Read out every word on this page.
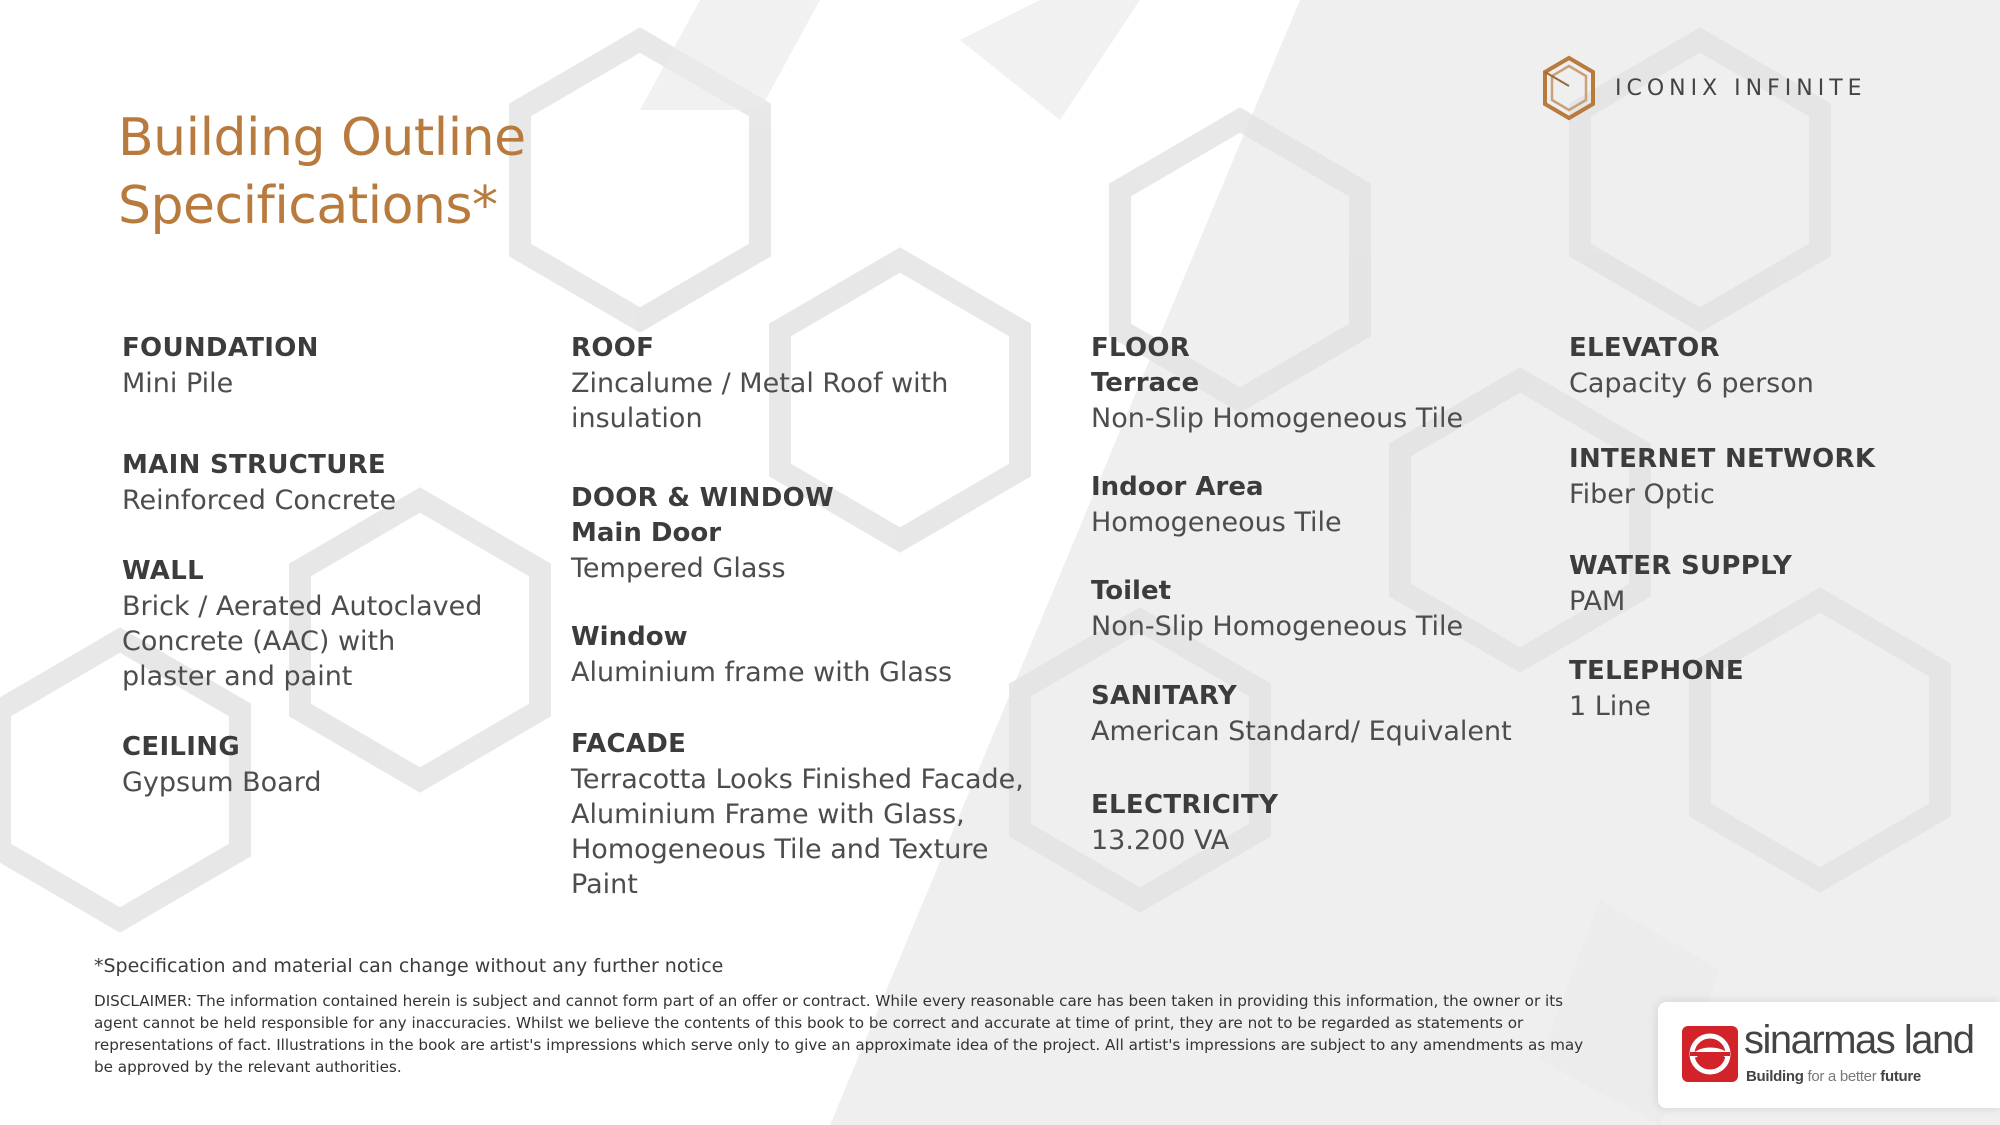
ICONIX INFINITE
Building Outline
Specifications*
FOUNDATION
Mini Pile
MAIN STRUCTURE
Reinforced Concrete
WALL
Brick / Aerated Autoclaved
Concrete (AAC) with
plaster and paint
CEILING
Gypsum Board
ROOF
Zincalume / Metal Roof with
insulation
DOOR & WINDOW
Main Door
Tempered Glass
Window
Aluminium frame with Glass
FACADE
Terracotta Looks Finished Facade,
Aluminium Frame with Glass,
Homogeneous Tile and Texture
Paint
FLOOR
Terrace
Non-Slip Homogeneous Tile
Indoor Area
Homogeneous Tile
Toilet
Non-Slip Homogeneous Tile
SANITARY
American Standard/ Equivalent
ELECTRICITY
13.200 VA
ELEVATOR
Capacity 6 person
INTERNET NETWORK
Fiber Optic
WATER SUPPLY
PAM
TELEPHONE
1 Line
*Specification and material can change without any further notice
DISCLAIMER: The information contained herein is subject and cannot form part of an offer or contract. While every reasonable care has been taken in providing this information, the owner or its agent cannot be held responsible for any inaccuracies. Whilst we believe the contents of this book to be correct and accurate at time of print, they are not to be regarded as statements or representations of fact. Illustrations in the book are artist's impressions which serve only to give an approximate idea of the project. All artist's impressions are subject to any amendments as may be approved by the relevant authorities.
sinarmas land
Building for a better future
